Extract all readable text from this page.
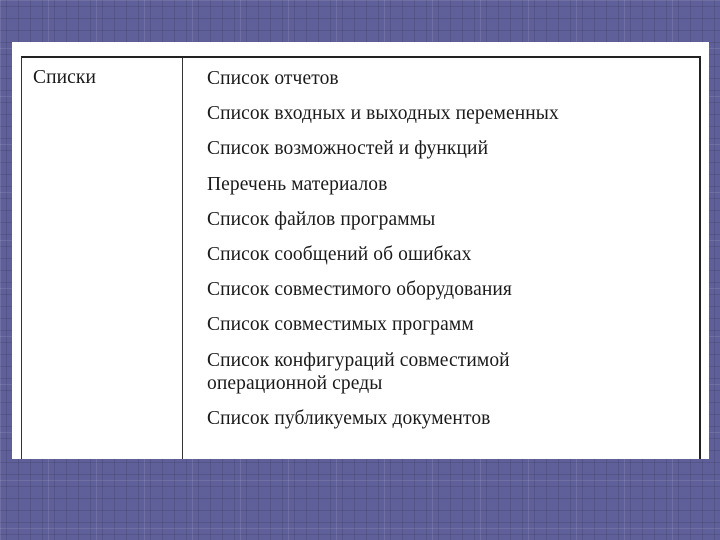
Списки	Список отчетов
Список входных и выходных переменных
Список возможностей и функций
Перечень материалов
Список файлов программы
Список сообщений об ошибках
Список совместимого оборудования
Список совместимых программ
Список конфигураций совместимой операционной среды
Список публикуемых документов
